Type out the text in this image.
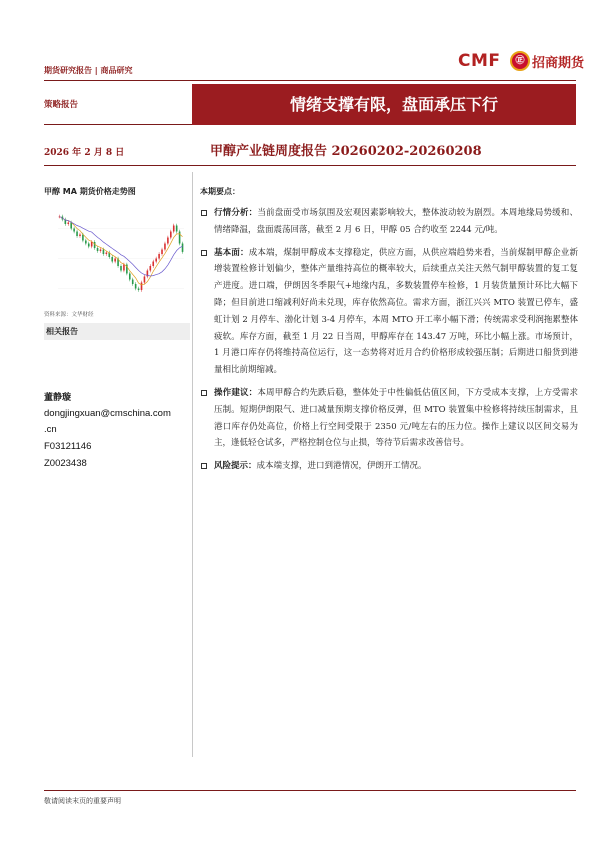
期货研究报告 | 商品研究	CMF	㊣ 招商期货
策略报告	情绪支撑有限，盘面承压下行
2026 年 2 月 8 日	甲醇产业链周度报告 20260202-20260208
甲醇 MA 期货价格走势图
资料来源：文华财经
相关报告
董静璇
dongjingxuan@cmschina.com
.cn
F03121146
Z0023438
本期要点：
行情分析：当前盘面受市场氛围及宏观因素影响较大，整体波动较为剧烈。本周地缘局势缓和、情绪降温，盘面震荡回落，截至 2 月 6 日，甲醇 05 合约收至 2244 元/吨。
基本面：成本端，煤制甲醇成本支撑稳定，供应方面，从供应端趋势来看，当前煤制甲醇企业新增装置检修计划偏少，整体产量维持高位的概率较大，后续重点关注天然气制甲醇装置的复工复产进度。进口端，伊朗因冬季限气+地缘内乱，多数装置停车检修，1 月装货量预计环比大幅下降；但目前进口缩减利好尚未兑现，库存依然高位。需求方面，浙江兴兴 MTO 装置已停车，盛虹计划 2 月停车、渤化计划 3-4 月停车，本周 MTO 开工率小幅下滑；传统需求受利润拖累整体疲软。库存方面，截至 1 月 22 日当周，甲醇库存在 143.47 万吨，环比小幅上涨。市场预计，1 月港口库存仍将维持高位运行，这一态势将对近月合约价格形成较强压制；后期进口船货到港量相比前期缩减。
操作建议：本周甲醇合约先跌后稳，整体处于中性偏低估值区间，下方受成本支撑，上方受需求压制。短期伊朗限气、进口减量预期支撑价格反弹，但 MTO 装置集中检修将持续压制需求，且港口库存仍处高位，价格上行空间受限于 2350 元/吨左右的压力位。操作上建议以区间交易为主，逢低轻仓试多，严格控制仓位与止损，等待节后需求改善信号。
风险提示：成本端支撑，进口到港情况，伊朗开工情况。
敬请阅读末页的重要声明
